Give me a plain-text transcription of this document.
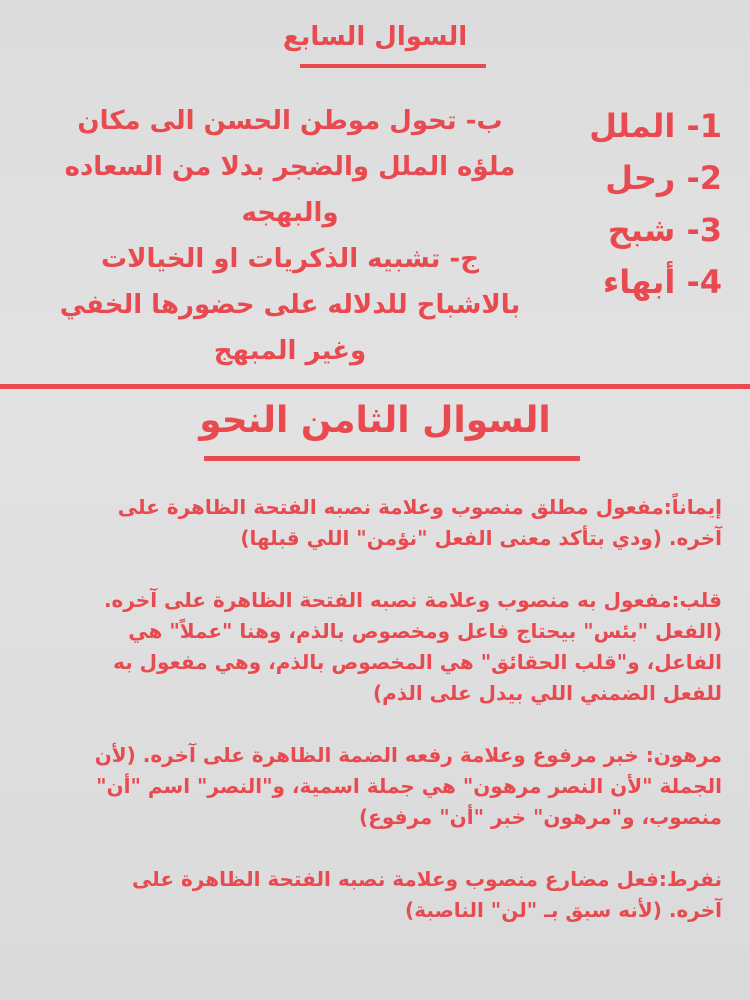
السوال السابع
1- الملل
2- رحل
3- شبح
4- أبهاء
ب- تحول موطن الحسن الى مكان
ملؤه الملل والضجر بدلا من السعاده
والبهجه
ج- تشبيه الذكريات او الخيالات
بالاشباح للدلاله على حضورها الخفي
وغير المبهج
السوال الثامن النحو
إيماناً:مفعول مطلق منصوب وعلامة نصبه الفتحة الظاهرة على
آخره. (ودي بتأكد معنى الفعل "نؤمن" اللي قبلها)
قلب:مفعول به منصوب وعلامة نصبه الفتحة الظاهرة على آخره.
(الفعل "بئس" بيحتاج فاعل ومخصوص بالذم، وهنا "عملاً" هي
الفاعل، و"قلب الحقائق" هي المخصوص بالذم، وهي مفعول به
للفعل الضمني اللي بيدل على الذم)
مرهون: خبر مرفوع وعلامة رفعه الضمة الظاهرة على آخره. (لأن
الجملة "لأن النصر مرهون" هي جملة اسمية، و"النصر" اسم "أن"
منصوب، و"مرهون" خبر "أن" مرفوع)
نفرط:فعل مضارع منصوب وعلامة نصبه الفتحة الظاهرة على
آخره. (لأنه سبق بـ "لن" الناصبة)
